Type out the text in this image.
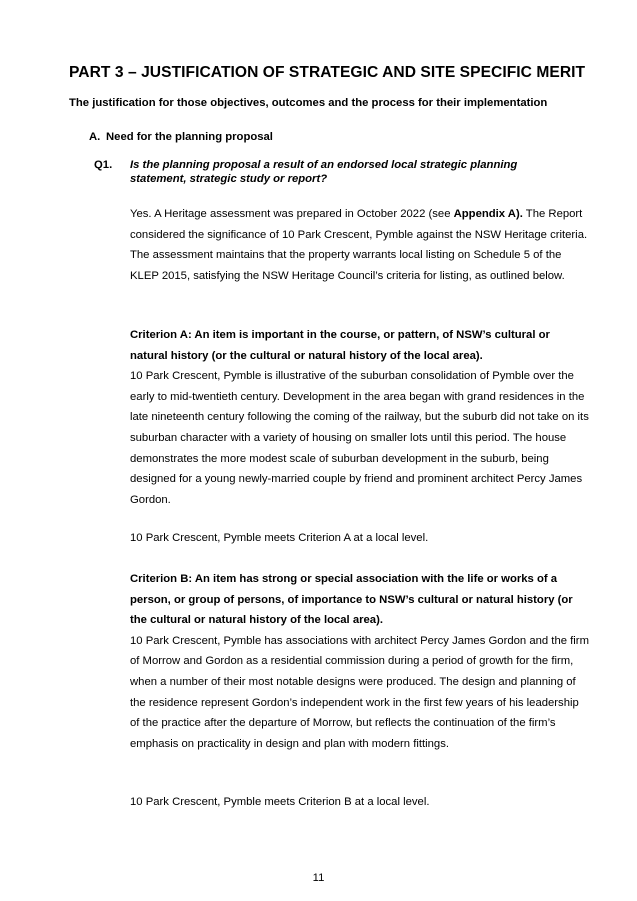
PART 3 – JUSTIFICATION OF STRATEGIC AND SITE SPECIFIC MERIT

The justification for those objectives, outcomes and the process for their implementation

A. Need for the planning proposal
Q1. Is the planning proposal a result of an endorsed local strategic planning statement, strategic study or report?

Yes. A Heritage assessment was prepared in October 2022 (see Appendix A). The Report considered the significance of 10 Park Crescent, Pymble against the NSW Heritage criteria. The assessment maintains that the property warrants local listing on Schedule 5 of the KLEP 2015, satisfying the NSW Heritage Council’s criteria for listing, as outlined below.

Criterion A: An item is important in the course, or pattern, of NSW’s cultural or natural history (or the cultural or natural history of the local area).
10 Park Crescent, Pymble is illustrative of the suburban consolidation of Pymble over the early to mid-twentieth century. Development in the area began with grand residences in the late nineteenth century following the coming of the railway, but the suburb did not take on its suburban character with a variety of housing on smaller lots until this period. The house demonstrates the more modest scale of suburban development in the suburb, being designed for a young newly-married couple by friend and prominent architect Percy James Gordon.

10 Park Crescent, Pymble meets Criterion A at a local level.

Criterion B: An item has strong or special association with the life or works of a person, or group of persons, of importance to NSW’s cultural or natural history (or the cultural or natural history of the local area).
10 Park Crescent, Pymble has associations with architect Percy James Gordon and the firm of Morrow and Gordon as a residential commission during a period of growth for the firm, when a number of their most notable designs were produced. The design and planning of the residence represent Gordon’s independent work in the first few years of his leadership of the practice after the departure of Morrow, but reflects the continuation of the firm’s emphasis on practicality in design and plan with modern fittings.

10 Park Crescent, Pymble meets Criterion B at a local level.

11
